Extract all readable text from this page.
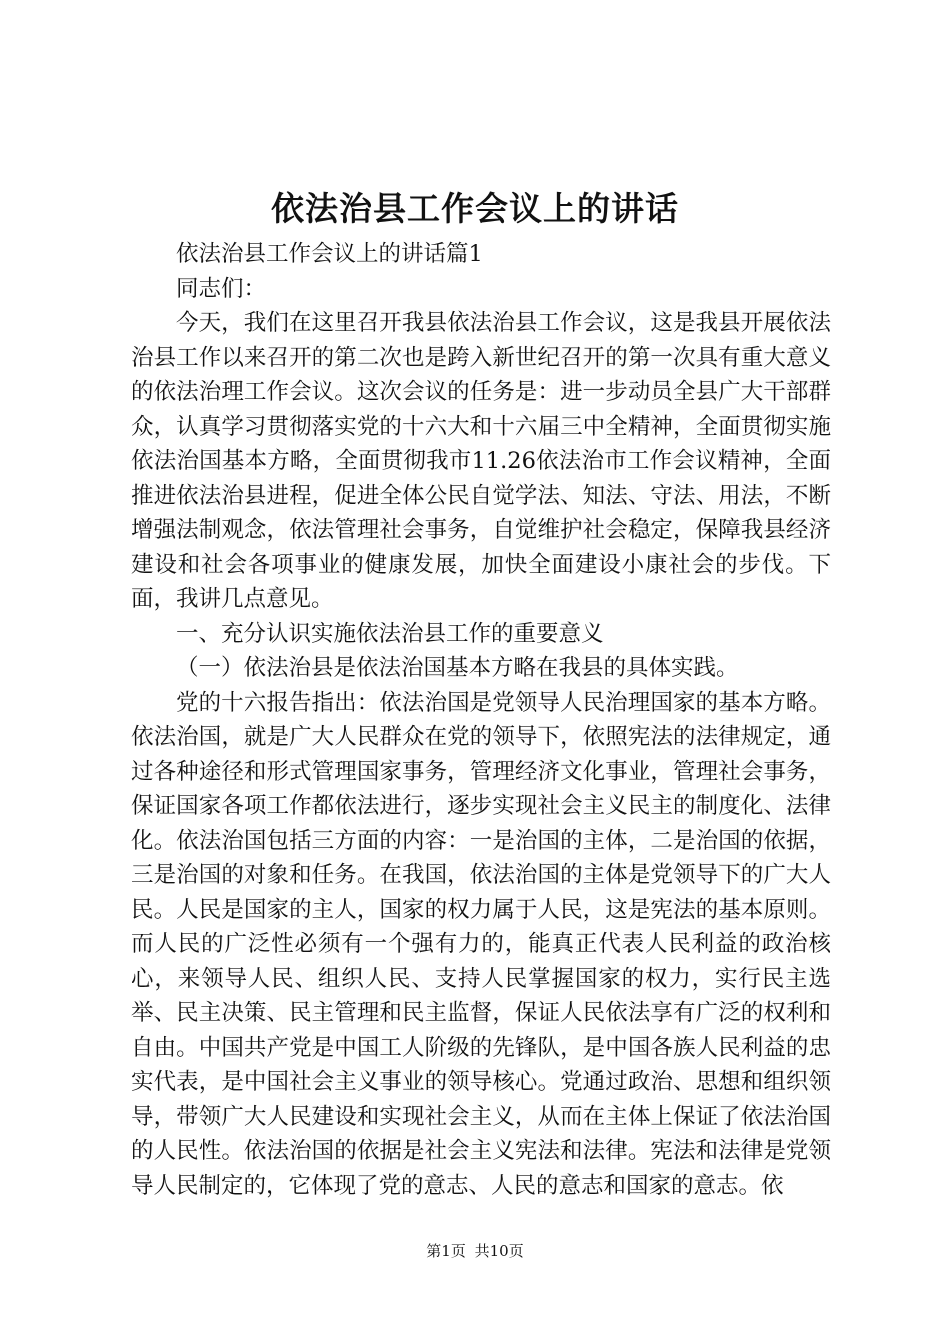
依法治县工作会议上的讲话

依法治县工作会议上的讲话篇1

同志们：

今天，我们在这里召开我县依法治县工作会议，这是我县开展依法治县工作以来召开的第二次也是跨入新世纪召开的第一次具有重大意义的依法治理工作会议。这次会议的任务是：进一步动员全县广大干部群众，认真学习贯彻落实党的十六大和十六届三中全精神，全面贯彻实施依法治国基本方略，全面贯彻我市11.26依法治市工作会议精神，全面推进依法治县进程，促进全体公民自觉学法、知法、守法、用法，不断增强法制观念，依法管理社会事务，自觉维护社会稳定，保障我县经济建设和社会各项事业的健康发展，加快全面建设小康社会的步伐。下面，我讲几点意见。

一、充分认识实施依法治县工作的重要意义

（一）依法治县是依法治国基本方略在我县的具体实践。

党的十六报告指出：依法治国是党领导人民治理国家的基本方略。依法治国，就是广大人民群众在党的领导下，依照宪法的法律规定，通过各种途径和形式管理国家事务，管理经济文化事业，管理社会事务，保证国家各项工作都依法进行，逐步实现社会主义民主的制度化、法律化。依法治国包括三方面的内容：一是治国的主体，二是治国的依据，三是治国的对象和任务。在我国，依法治国的主体是党领导下的广大人民。人民是国家的主人，国家的权力属于人民，这是宪法的基本原则。而人民的广泛性必须有一个强有力的，能真正代表人民利益的政治核心，来领导人民、组织人民、支持人民掌握国家的权力，实行民主选举、民主决策、民主管理和民主监督，保证人民依法享有广泛的权利和自由。中国共产党是中国工人阶级的先锋队，是中国各族人民利益的忠实代表，是中国社会主义事业的领导核心。党通过政治、思想和组织领导，带领广大人民建设和实现社会主义，从而在主体上保证了依法治国的人民性。依法治国的依据是社会主义宪法和法律。宪法和法律是党领导人民制定的，它体现了党的意志、人民的意志和国家的意志。依

第1页 共10页
